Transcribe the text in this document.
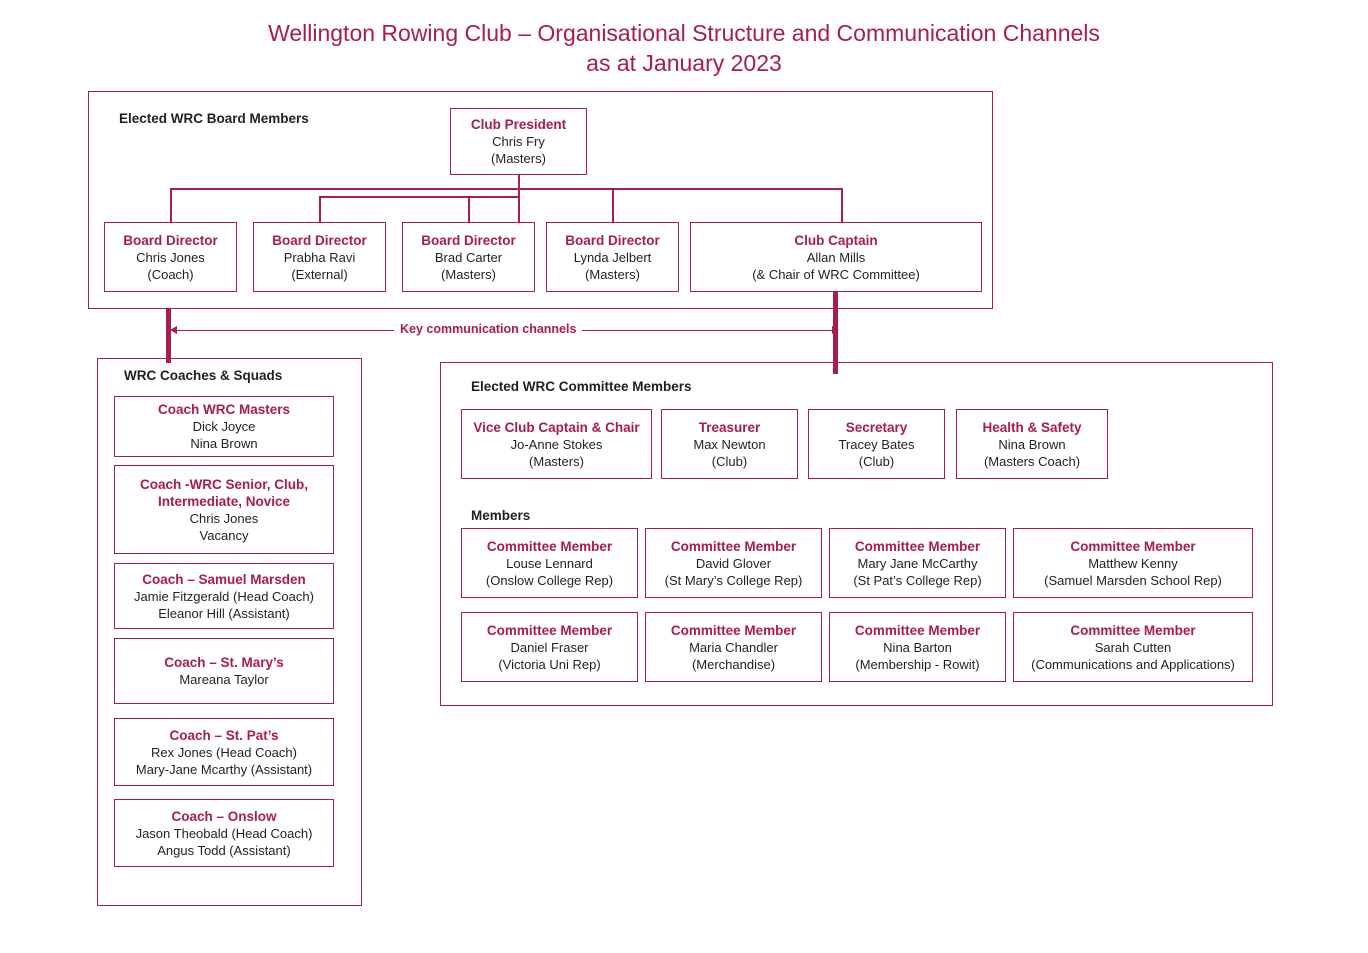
Wellington Rowing Club – Organisational Structure and Communication Channels
as at January 2023
Elected WRC Board Members	Club President
Chris Fry
(Masters)
Board Director
Chris Jones
(Coach)
Board Director
Prabha Ravi
(External)
Board Director
Brad Carter
(Masters)
Board Director
Lynda Jelbert
(Masters)
Club Captain
Allan Mills
(& Chair of WRC Committee)
Key communication channels
WRC Coaches & Squads
Coach WRC Masters
Dick Joyce
Nina Brown
Coach -WRC Senior, Club, Intermediate, Novice
Chris Jones
Vacancy
Coach – Samuel Marsden
Jamie Fitzgerald (Head Coach)
Eleanor Hill (Assistant)
Coach – St. Mary’s
Mareana Taylor
Coach – St. Pat’s
Rex Jones (Head Coach)
Mary-Jane Mcarthy (Assistant)
Coach – Onslow
Jason Theobald (Head Coach)
Angus Todd (Assistant)
Elected WRC Committee Members
Vice Club Captain & Chair
Jo-Anne Stokes
(Masters)
Treasurer
Max Newton
(Club)
Secretary
Tracey Bates
(Club)
Health & Safety
Nina Brown
(Masters Coach)
Members
Committee Member
Louse Lennard
(Onslow College Rep)
Committee Member
David Glover
(St Mary’s College Rep)
Committee Member
Mary Jane McCarthy
(St Pat’s College Rep)
Committee Member
Matthew Kenny
(Samuel Marsden School Rep)
Committee Member
Daniel Fraser
(Victoria Uni Rep)
Committee Member
Maria Chandler
(Merchandise)
Committee Member
Nina Barton
(Membership - Rowit)
Committee Member
Sarah Cutten
(Communications and Applications)
